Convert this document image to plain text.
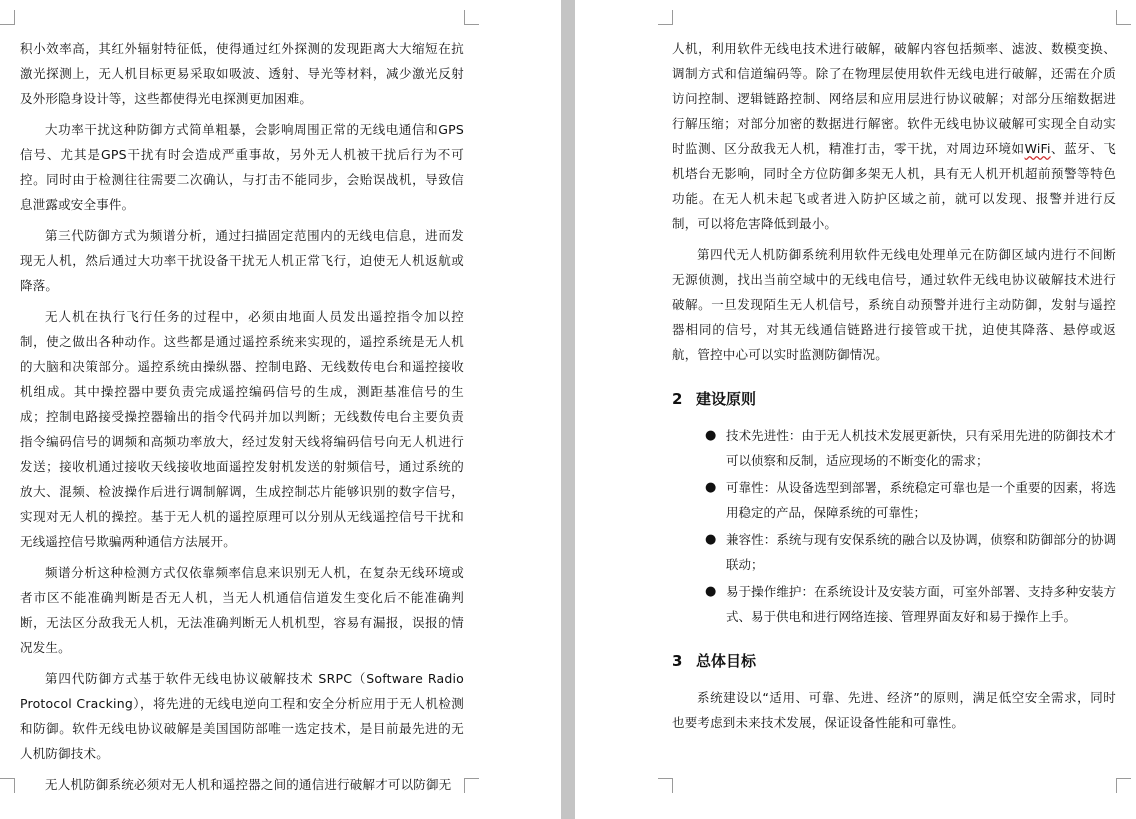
积小效率高，其红外辐射特征低，使得通过红外探测的发现距离大大缩短在抗激光探测上，无人机目标更易采取如吸波、透射、导光等材料，减少激光反射及外形隐身设计等，这些都使得光电探测更加困难。

大功率干扰这种防御方式简单粗暴，会影响周围正常的无线电通信和GPS信号、尤其是GPS干扰有时会造成严重事故，另外无人机被干扰后行为不可控。同时由于检测往往需要二次确认，与打击不能同步，会贻误战机，导致信息泄露或安全事件。

第三代防御方式为频谱分析，通过扫描固定范围内的无线电信息，进而发现无人机，然后通过大功率干扰设备干扰无人机正常飞行，迫使无人机返航或降落。

无人机在执行飞行任务的过程中，必须由地面人员发出遥控指令加以控制，使之做出各种动作。这些都是通过遥控系统来实现的，遥控系统是无人机的大脑和决策部分。遥控系统由操纵器、控制电路、无线数传电台和遥控接收机组成。其中操控器中要负责完成遥控编码信号的生成，测距基准信号的生成；控制电路接受操控器输出的指令代码并加以判断；无线数传电台主要负责指令编码信号的调频和高频功率放大，经过发射天线将编码信号向无人机进行发送；接收机通过接收天线接收地面遥控发射机发送的射频信号，通过系统的放大、混频、检波操作后进行调制解调，生成控制芯片能够识别的数字信号，实现对无人机的操控。基于无人机的遥控原理可以分别从无线遥控信号干扰和无线遥控信号欺骗两种通信方法展开。

频谱分析这种检测方式仅依靠频率信息来识别无人机，在复杂无线环境或者市区不能准确判断是否无人机，当无人机通信信道发生变化后不能准确判断，无法区分敌我无人机，无法准确判断无人机机型，容易有漏报，误报的情况发生。

第四代防御方式基于软件无线电协议破解技术 SRPC（Software Radio Protocol Cracking），将先进的无线电逆向工程和安全分析应用于无人机检测和防御。软件无线电协议破解是美国国防部唯一选定技术，是目前最先进的无人机防御技术。

无人机防御系统必须对无人机和遥控器之间的通信进行破解才可以防御无

人机，利用软件无线电技术进行破解，破解内容包括频率、滤波、数模变换、调制方式和信道编码等。除了在物理层使用软件无线电进行破解，还需在介质访问控制、逻辑链路控制、网络层和应用层进行协议破解；对部分压缩数据进行解压缩；对部分加密的数据进行解密。软件无线电协议破解可实现全自动实时监测、区分敌我无人机，精准打击，零干扰，对周边环境如WiFi、蓝牙、飞机塔台无影响，同时全方位防御多架无人机，具有无人机开机超前预警等特色功能。在无人机未起飞或者进入防护区域之前，就可以发现、报警并进行反制，可以将危害降低到最小。

第四代无人机防御系统利用软件无线电处理单元在防御区域内进行不间断无源侦测，找出当前空域中的无线电信号，通过软件无线电协议破解技术进行破解。一旦发现陌生无人机信号，系统自动预警并进行主动防御，发射与遥控器相同的信号，对其无线通信链路进行接管或干扰，迫使其降落、悬停或返航，管控中心可以实时监测防御情况。

2 建设原则
● 技术先进性：由于无人机技术发展更新快，只有采用先进的防御技术才可以侦察和反制，适应现场的不断变化的需求；
● 可靠性：从设备选型到部署，系统稳定可靠也是一个重要的因素，将选用稳定的产品，保障系统的可靠性；
● 兼容性：系统与现有安保系统的融合以及协调，侦察和防御部分的协调联动；
● 易于操作维护：在系统设计及安装方面，可室外部署、支持多种安装方式、易于供电和进行网络连接、管理界面友好和易于操作上手。
3 总体目标

系统建设以“适用、可靠、先进、经济”的原则，满足低空安全需求，同时也要考虑到未来技术发展，保证设备性能和可靠性。
